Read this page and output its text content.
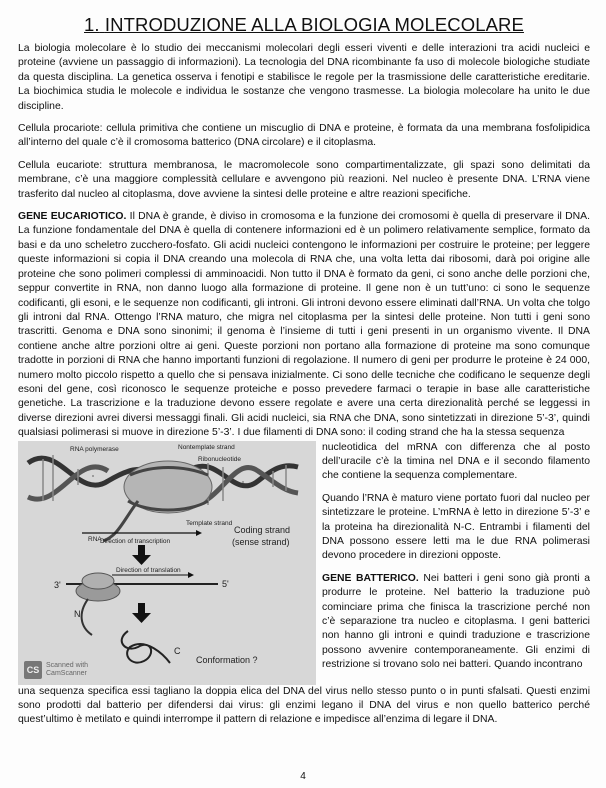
1. INTRODUZIONE ALLA BIOLOGIA MOLECOLARE

La biologia molecolare è lo studio dei meccanismi molecolari degli esseri viventi e delle interazioni tra acidi nucleici e proteine (avviene un passaggio di informazioni). La tecnologia del DNA ricombinante fa uso di molecole biologiche studiate da questa disciplina. La genetica osserva i fenotipi e stabilisce le regole per la trasmissione delle caratteristiche ereditarie. La biochimica studia le molecole e individua le sostanze che vengono trasmesse. La biologia molecolare ha unito le due discipline.

Cellula procariote: cellula primitiva che contiene un miscuglio di DNA e proteine, è formata da una membrana fosfolipidica all’interno del quale c’è il cromosoma batterico (DNA circolare) e il citoplasma.

Cellula eucariote: struttura membranosa, le macromolecole sono compartimentalizzate, gli spazi sono delimitati da membrane, c’è una maggiore complessità cellulare e avvengono più reazioni. Nel nucleo è presente DNA. L’RNA viene trasferito dal nucleo al citoplasma, dove avviene la sintesi delle proteine e altre reazioni specifiche.

GENE EUCARIOTICO. Il DNA è grande, è diviso in cromosoma e la funzione dei cromosomi è quella di preservare il DNA. La funzione fondamentale del DNA è quella di contenere informazioni ed è un polimero relativamente semplice, formato da basi e da uno scheletro zucchero-fosfato. Gli acidi nucleici contengono le informazioni per costruire le proteine; per leggere queste informazioni si copia il DNA creando una molecola di RNA che, una volta letta dai ribosomi, darà poi origine alle proteine che sono polimeri complessi di amminoacidi. Non tutto il DNA è formato da geni, ci sono anche delle porzioni che, seppur convertite in RNA, non danno luogo alla formazione di proteine. Il gene non è un tutt’uno: ci sono le sequenze codificanti, gli esoni, e le sequenze non codificanti, gli introni. Gli introni devono essere eliminati dall’RNA. Un volta che tolgo gli introni dal RNA. Ottengo l’RNA maturo, che migra nel citoplasma per la sintesi delle proteine. Non tutti i geni sono trascritti. Genoma e DNA sono sinonimi; il genoma è l’insieme di tutti i geni presenti in un organismo vivente. Il DNA contiene anche altre porzioni oltre ai geni. Queste porzioni non portano alla formazione di proteine ma sono comunque tradotte in porzioni di RNA che hanno importanti funzioni di regolazione. Il numero di geni per produrre le proteine è 24 000, numero molto piccolo rispetto a quello che si pensava inizialmente. Ci sono delle tecniche che codificano le sequenze degli esoni del gene, così riconosco le sequenze proteiche e posso prevedere farmaci o terapie in base alle caratteristiche genetiche. La trascrizione e la traduzione devono essere regolate e avere una certa direzionalità perché se leggessi in diverse direzioni avrei diversi messaggi finali. Gli acidi nucleici, sia RNA che DNA, sono sintetizzati in direzione 5’-3’, quindi qualsiasi polimerasi si muove in direzione 5’-3’. I due filamenti di DNA sono: il coding strand che ha la stessa sequenza

RNA polymerase	Nontemplate strand
Ribonucleotide
RNA
Template strand
Direction of transcription
Coding strand
(sense strand)
Direction of translation
3'	5'
N
C
Conformation ?
CS Scanned with
CamScanner

nucleotidica del mRNA con differenza che al posto dell’uracile c’è la timina nel DNA e il secondo filamento che contiene la sequenza complementare.

Quando l’RNA è maturo viene portato fuori dal nucleo per sintetizzare le proteine. L’mRNA è letto in direzione 5’-3’ e la proteina ha direzionalità N-C. Entrambi i filamenti del DNA possono essere letti ma le due RNA polimerasi devono procedere in direzioni opposte.

GENE BATTERICO. Nei batteri i geni sono già pronti a produrre le proteine. Nel batterio la traduzione può cominciare prima che finisca la trascrizione perché non c’è separazione tra nucleo e citoplasma. I geni batterici non hanno gli introni e quindi traduzione e trascrizione possono avvenire contemporaneamente. Gli enzimi di restrizione si trovano solo nei batteri. Quando incontrano

una sequenza specifica essi tagliano la doppia elica del DNA del virus nello stesso punto o in punti sfalsati. Questi enzimi sono prodotti dal batterio per difendersi dai virus: gli enzimi legano il DNA del virus e non quello batterico perché quest’ultimo è metilato e quindi interrompe il pattern di relazione e impedisce all’enzima di legare il DNA.

4
